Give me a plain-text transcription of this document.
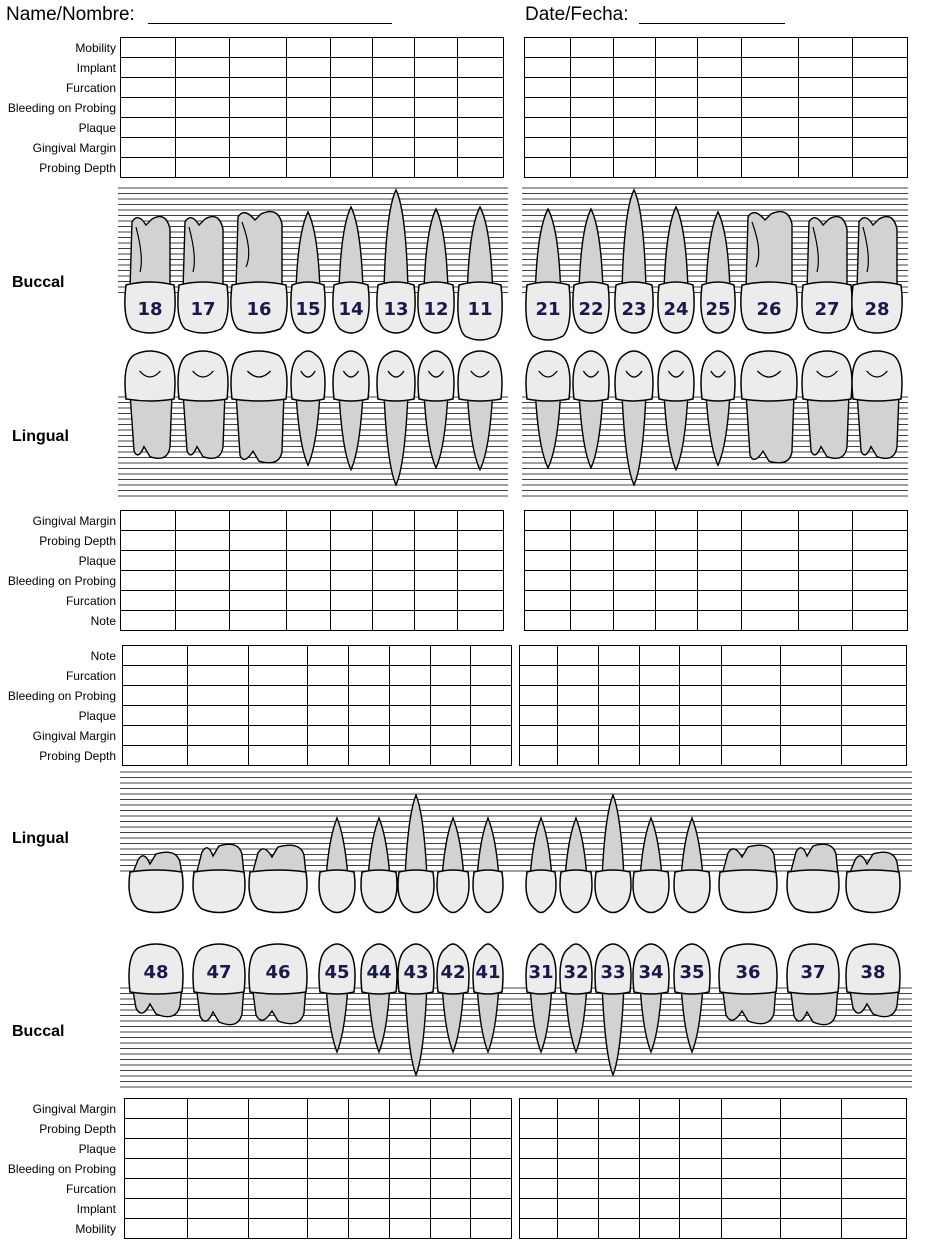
Name/Nombre:	Date/Fecha:
Mobility
Implant
Furcation
Bleeding on Probing
Plaque
Gingival Margin
Probing Depth

18 17 16 15 14 13 12 11 21 22 23 24 25 26 27 28
Buccal
Lingual
Gingival Margin
Probing Depth
Plaque
Bleeding on Probing
Furcation
Note

Note
Furcation
Bleeding on Probing
Plaque
Gingival Margin
Probing Depth

48 47 46 45 44 43 42 41 31 32 33 34 35 36 37 38
Lingual
Buccal
Gingival Margin
Probing Depth
Plaque
Bleeding on Probing
Furcation
Implant
Mobility
